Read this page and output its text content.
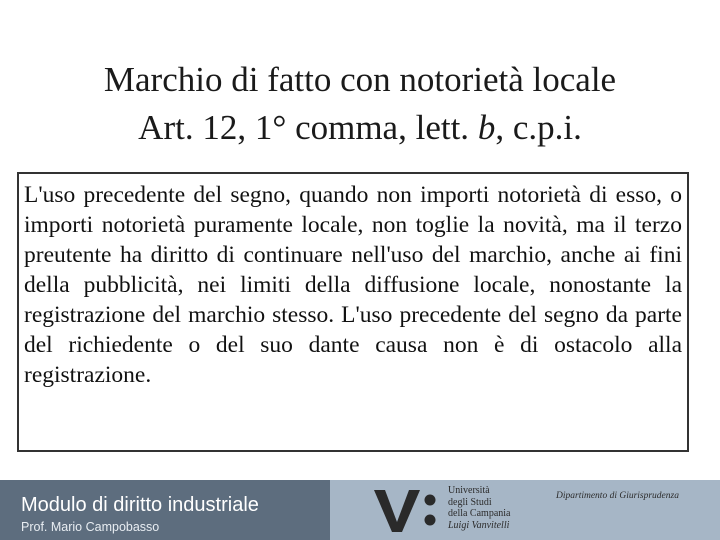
Marchio di fatto con notorietà locale
Art. 12, 1° comma, lett. b, c.p.i.
L'uso precedente del segno, quando non importi notorietà di esso, o importi notorietà puramente locale, non toglie la novità, ma il terzo preutente ha diritto di continuare nell'uso del marchio, anche ai fini della pubblicità, nei limiti della diffusione locale, nonostante la registrazione del marchio stesso. L'uso precedente del segno da parte del richiedente o del suo dante causa non è di ostacolo alla registrazione.
Modulo di diritto industriale
Prof. Mario Campobasso
Università
degli Studi
della Campania
Luigi Vanvitelli
Dipartimento di Giurisprudenza
